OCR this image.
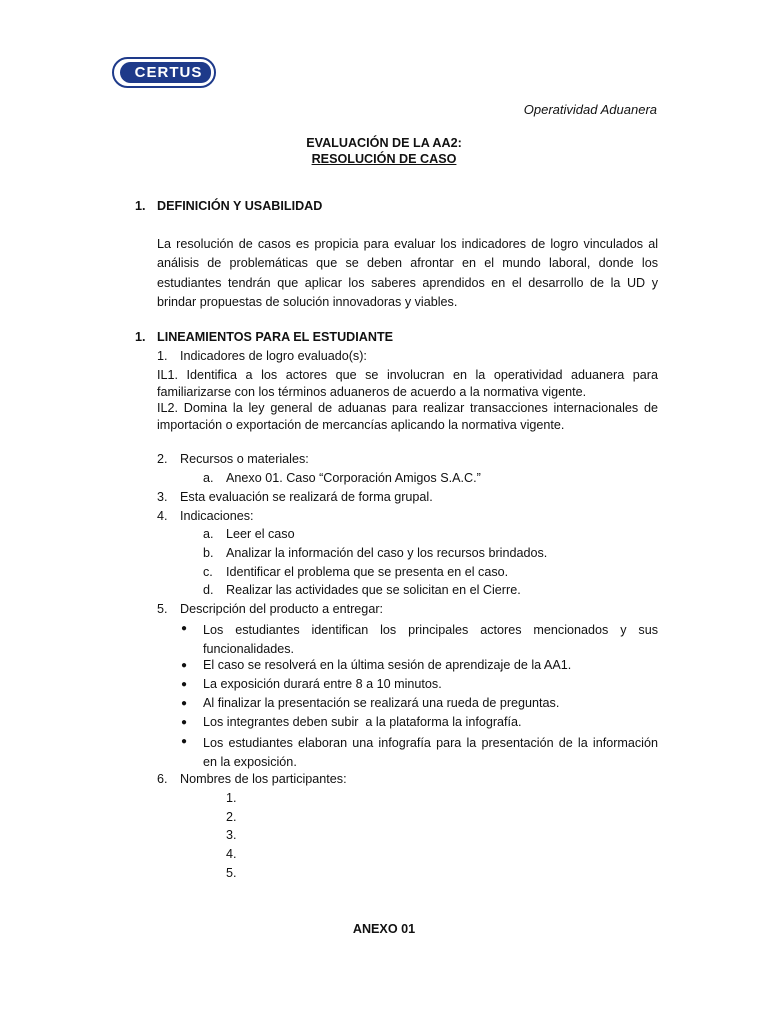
CERTUS
Operatividad Aduanera
EVALUACIÓN DE LA AA2:
RESOLUCIÓN DE CASO
1. DEFINICIÓN Y USABILIDAD
La resolución de casos es propicia para evaluar los indicadores de logro vinculados al análisis de problemáticas que se deben afrontar en el mundo laboral, donde los estudiantes tendrán que aplicar los saberes aprendidos en el desarrollo de la UD y brindar propuestas de solución innovadoras y viables.
1. LINEAMIENTOS PARA EL ESTUDIANTE
1. Indicadores de logro evaluado(s):
IL1. Identifica a los actores que se involucran en la operatividad aduanera para familiarizarse con los términos aduaneros de acuerdo a la normativa vigente.
IL2. Domina la ley general de aduanas para realizar transacciones internacionales de importación o exportación de mercancías aplicando la normativa vigente.
2. Recursos o materiales:
a. Anexo 01. Caso “Corporación Amigos S.A.C.”
3. Esta evaluación se realizará de forma grupal.
4. Indicaciones:
a. Leer el caso
b. Analizar la información del caso y los recursos brindados.
c. Identificar el problema que se presenta en el caso.
d. Realizar las actividades que se solicitan en el Cierre.
5. Descripción del producto a entregar:
● Los estudiantes identifican los principales actores mencionados y sus funcionalidades.
● El caso se resolverá en la última sesión de aprendizaje de la AA1.
● La exposición durará entre 8 a 10 minutos.
● Al finalizar la presentación se realizará una rueda de preguntas.
● Los integrantes deben subir  a la plataforma la infografía.
● Los estudiantes elaboran una infografía para la presentación de la información en la exposición.
6. Nombres de los participantes:
1.
2.
3.
4.
5.
ANEXO 01
